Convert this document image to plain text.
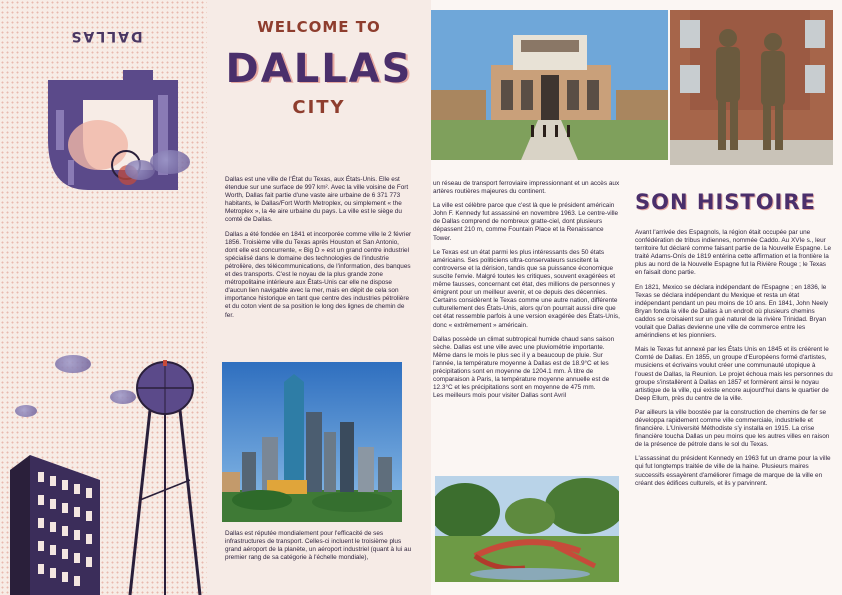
DALLAS	WELCOME TO
DALLAS
CITY

Dallas est une ville de l'État du Texas, aux États-Unis. Elle est étendue sur une surface de 997 km². Avec la ville voisine de Fort Worth, Dallas fait partie d'une vaste aire urbaine de 6 371 773 habitants, le Dallas/Fort Worth Metroplex, ou simplement « the Metroplex », la 4e aire urbaine du pays. La ville est le siège du comté de Dallas.

Dallas a été fondée en 1841 et incorporée comme ville le 2 février 1856. Troisième ville du Texas après Houston et San Antonio, dont elle est concurrente, « Big D » est un grand centre industriel spécialisé dans le domaine des technologies de l'industrie pétrolière, des télécommunications, de l'information, des banques et des transports. C'est le noyau de la plus grande zone métropolitaine intérieure aux États-Unis car elle ne dispose d'aucun lien navigable avec la mer, mais en dépit de cela son importance historique en tant que centre des industries pétrolière et du coton vient de sa position le long des lignes de chemin de fer.

Dallas est réputée mondialement pour l'efficacité de ses infrastructures de transport. Celles-ci incluent le troisième plus grand aéroport de la planète, un aéroport industriel (quant à lui au premier rang de sa catégorie à l'échelle mondiale),

un réseau de transport ferroviaire impressionnant et un accès aux artères routières majeures du continent.

La ville est célèbre parce que c'est là que le président américain John F. Kennedy fut assassiné en novembre 1963. Le centre-ville de Dallas comprend de nombreux gratte-ciel, dont plusieurs dépassent 210 m, comme Fountain Place et la Renaissance Tower.

Le Texas est un état parmi les plus intéressants des 50 états américains. Ses politiciens ultra-conservateurs suscitent la controverse et la dérision, tandis que sa puissance économique suscite l'envie. Malgré toutes les critiques, souvent exagérées et même fausses, concernant cet état, des millions de personnes y émigrent pour un meilleur avenir, et ce depuis des décennies. Certains considèrent le Texas comme une autre nation, différente culturellement des États-Unis, alors qu'on pourrait aussi dire que cet état ressemble parfois à une version exagérée des États-Unis, donc « extrêmement » américain.

Dallas possède un climat subtropical humide chaud sans saison sèche. Dallas est une ville avec une pluviométrie importante. Même dans le mois le plus sec il y a beaucoup de pluie. Sur l'année, la température moyenne à Dallas est de 18.9°C et les précipitations sont en moyenne de 1204.1 mm. À titre de comparaison à Paris, la température moyenne annuelle est de 12.3°C et les précipitations sont en moyenne de 475 mm.

Les meilleurs mois pour visiter Dallas sont Avril

SON HISTOIRE

Avant l'arrivée des Espagnols, la région était occupée par une confédération de tribus indiennes, nommée Caddo. Au XVIe s., leur territoire fut déclaré comme faisant partie de la Nouvelle Espagne. Le traité Adams-Onís de 1819 entérina cette affirmation et la frontière la plus au nord de la Nouvelle Espagne fut la Rivière Rouge ; le Texas en faisait donc partie.

En 1821, Mexico se déclara indépendant de l'Espagne ; en 1836, le Texas se déclara indépendant du Mexique et resta un état indépendant pendant un peu moins de 10 ans. En 1841, John Neely Bryan fonda la ville de Dallas à un endroit où plusieurs chemins caddos se croisaient sur un gué naturel de la rivière Trinidad. Bryan voulait que Dallas devienne une ville de commerce entre les amérindiens et les pionniers.

Mais le Texas fut annexé par les États Unis en 1845 et ils créèrent le Comté de Dallas. En 1855, un groupe d'Européens formé d'artistes, musiciens et écrivains voulut créer une communauté utopique à l'ouest de Dallas, la Reunion. Le projet échoua mais les personnes du groupe s'installèrent à Dallas en 1857 et formèrent ainsi le noyau artistique de la ville, qui existe encore aujourd'hui dans le quartier de Deep Ellum, près du centre de la ville.

Par ailleurs la ville boostée par la construction de chemins de fer se développa rapidement comme ville commerciale, industrielle et financière. L'Université Méthodiste s'y installa en 1915. La crise financière toucha Dallas un peu moins que les autres villes en raison de la présence de pétrole dans le sol du Texas.

L'assassinat du président Kennedy en 1963 fut un drame pour la ville qui fut longtemps traitée de ville de la haine. Plusieurs maires successifs essayèrent d'améliorer l'image de marque de la ville en créant des édifices culturels, et ils y parvinrent.
